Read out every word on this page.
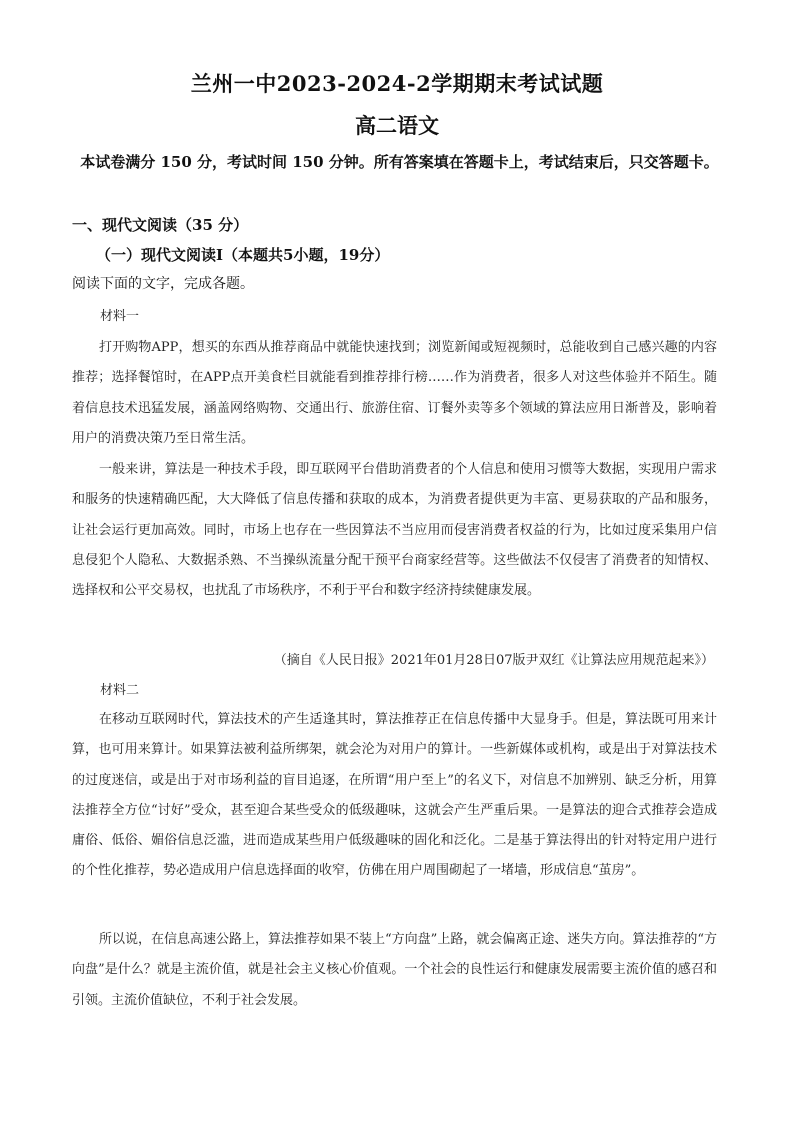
兰州一中2023-2024-2学期期末考试试题
高二语文
本试卷满分 150 分，考试时间 150 分钟。所有答案填在答题卡上，考试结束后，只交答题卡。
一、现代文阅读（35 分）
（一）现代文阅读Ⅰ（本题共5小题，19分）
阅读下面的文字，完成各题。
材料一
打开购物APP，想买的东西从推荐商品中就能快速找到；浏览新闻或短视频时，总能收到自己感兴趣的内容推荐；选择餐馆时，在APP点开美食栏目就能看到推荐排行榜……作为消费者，很多人对这些体验并不陌生。随着信息技术迅猛发展，涵盖网络购物、交通出行、旅游住宿、订餐外卖等多个领域的算法应用日渐普及，影响着用户的消费决策乃至日常生活。
一般来讲，算法是一种技术手段，即互联网平台借助消费者的个人信息和使用习惯等大数据，实现用户需求和服务的快速精确匹配，大大降低了信息传播和获取的成本，为消费者提供更为丰富、更易获取的产品和服务，让社会运行更加高效。同时，市场上也存在一些因算法不当应用而侵害消费者权益的行为，比如过度采集用户信息侵犯个人隐私、大数据杀熟、不当操纵流量分配干预平台商家经营等。这些做法不仅侵害了消费者的知情权、选择权和公平交易权，也扰乱了市场秩序，不利于平台和数字经济持续健康发展。
（摘自《人民日报》2021年01月28日07版尹双红《让算法应用规范起来》）
材料二
在移动互联网时代，算法技术的产生适逢其时，算法推荐正在信息传播中大显身手。但是，算法既可用来计算，也可用来算计。如果算法被利益所绑架，就会沦为对用户的算计。一些新媒体或机构，或是出于对算法技术的过度迷信，或是出于对市场利益的盲目追逐，在所谓“用户至上”的名义下，对信息不加辨别、缺乏分析，用算法推荐全方位“讨好”受众，甚至迎合某些受众的低级趣味，这就会产生严重后果。一是算法的迎合式推荐会造成庸俗、低俗、媚俗信息泛滥，进而造成某些用户低级趣味的固化和泛化。二是基于算法得出的针对特定用户进行的个性化推荐，势必造成用户信息选择面的收窄，仿佛在用户周围砌起了一堵墙，形成信息“茧房”。
所以说，在信息高速公路上，算法推荐如果不装上“方向盘”上路，就会偏离正途、迷失方向。算法推荐的“方向盘”是什么？就是主流价值，就是社会主义核心价值观。一个社会的良性运行和健康发展需要主流价值的感召和引领。主流价值缺位，不利于社会发展。
